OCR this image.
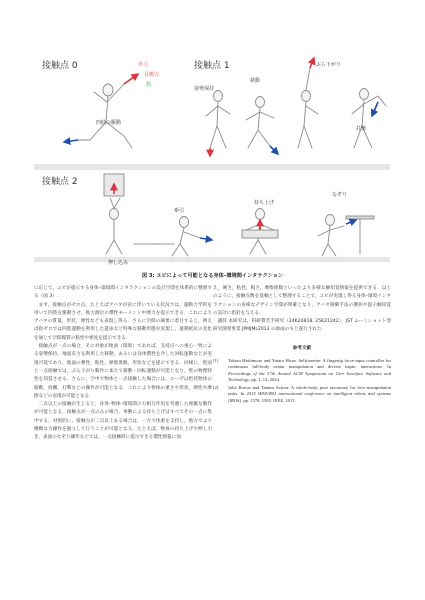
接触点 0	接触点 1
接触点 2
外力
目標力
指
四肢の駆動
姿勢保持
移動
ぶら下がり
打撃
押し込み
牽引
持ち上げ
なぞり
図 3: ユビによって可能となる身体–環境間インタラクション

に応じて，ユビが提示する身体–環境間インタラクションの設計空間を体系的に整理する（図 3）.

まず，接触点がゼロ点，たとえばアバタが宙に浮いている状況では，運動力学的を用いて四肢を駆動させ，推力源位の慣性モーメント中弾力を提示できる．これによりアバタの質量，形状，弾性なども表現し得る．さらに空間の摘要に着目すると，例えば指ゼロでは四肢運動を利用した遊泳など特殊な移動形態が実現し，運動抵抗の変化を通じて空間媒質の粘性や密度を提示できる．

接触点が一点の場合，その対象が地面（環境）であれば，支持点への重心一致による姿勢保持，地面反力を利用した移動，あるいは身体慣性を介した回転運動などが実現可能であり，地面の弾性，粘性，摩擦係数，形状などを提示できる．同様に，壁面と一点接触では，ぶら下がり動作に加えて移動・回転運動が可能となり，壁の物理特性を知覚させる．さらに，空中で物体と一点接触した場合には，ユーザは把持物体の移動，投擲，打撃などの操作が可能となる．これにより物体の重さや形状，弾性や摩擦などの表現が可能となる．

二点以上の接触が生じると，身体–物体–環境間の力相互作用を考慮した複雑な動作が可能となる．接触点が一点のみの場合，単動による持ち上げはすべてその一点に集中する．対照的に，接触点が二点以上ある場合は，一方で体重を支持し，他方でより精緻な力操作を独立して行うことが可能となる．たとえば，物体の持ち上げや押し引き，表面のなぞり操作などでは，一点接触時に提示できる慣性情報に加

え，硬さ，粘性，粗さ，摩擦係数といったより多様な触知覚情報を提供できる．以上のように，接触点数を基軸として整理することで，ユビが実現し得る身体–環境インタラクションの多様なデザイン空間が明確となり，アバタ制御手法の選択や提示触知覚の設計に指針を与える．

謝辞 本研究は，科研費若手研究（24K20818, 25K21242），JST ムーンショット型研究開発事業 JPMJMs2013 の助成のもと遂行された．

参考文献
[1]	Takeru Hashimoto and Yutaro Hirao. Selfrionette: A fingertip force-input controller for continuous full-body avatar manipulation and diverse haptic interactions. In Proceedings of the 37th Annual ACM Symposium on User Interface Software and Technology, pp. 1–14, 2024.
[2]	Julia Borras and Tamim Asfour. A whole-body pose taxonomy for loco-manipulation tasks. In 2015 IEEE/RSJ international conference on intelligent robots and systems (IROS), pp. 1578–1585. IEEE, 2015.
